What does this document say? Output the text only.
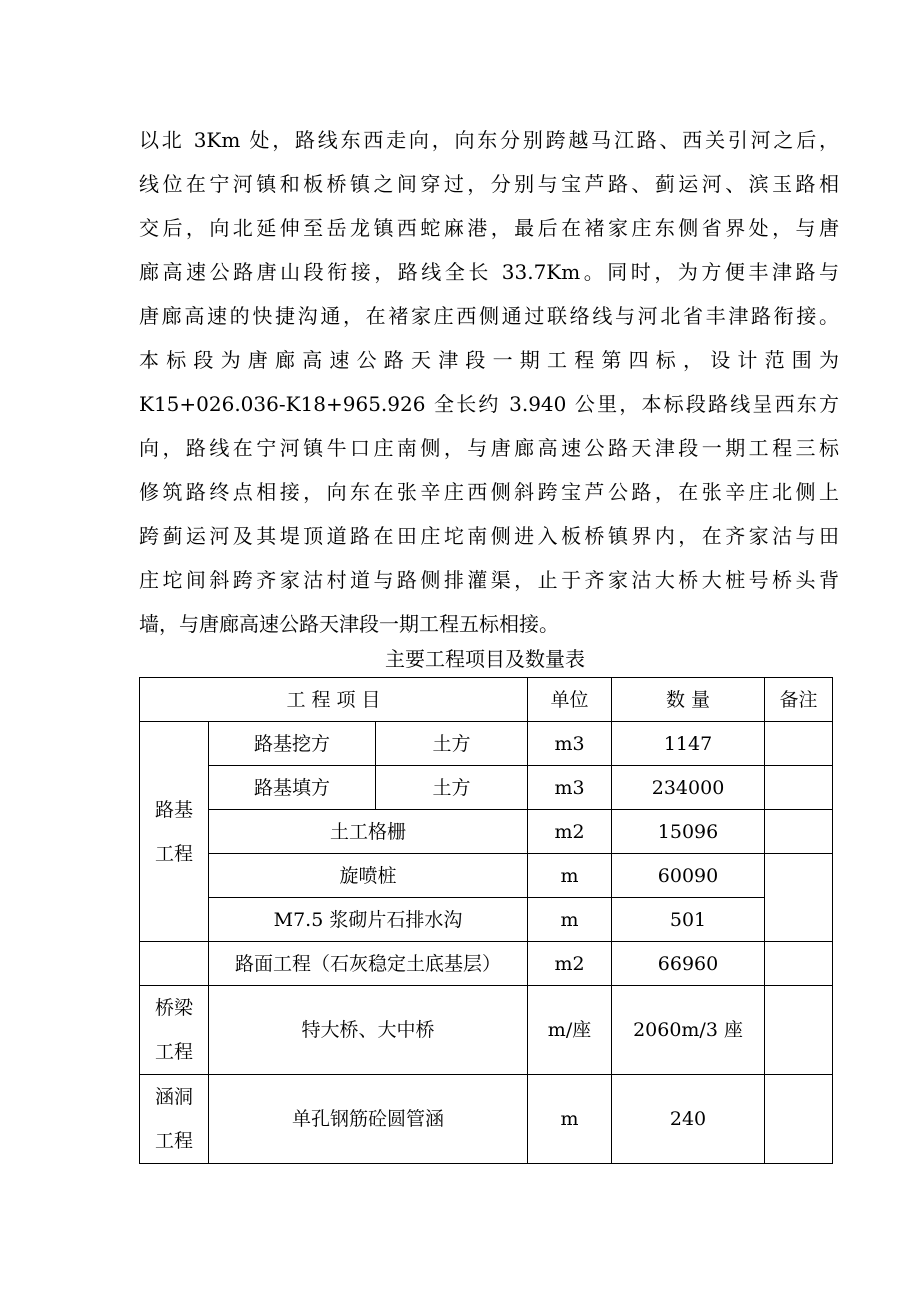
以北 3Km 处，路线东西走向，向东分别跨越马江路、西关引河之后，
线位在宁河镇和板桥镇之间穿过，分别与宝芦路、蓟运河、滨玉路相
交后，向北延伸至岳龙镇西蛇麻港，最后在褚家庄东侧省界处，与唐
廊高速公路唐山段衔接，路线全长 33.7Km。同时，为方便丰津路与
唐廊高速的快捷沟通，在褚家庄西侧通过联络线与河北省丰津路衔接。
本标段为唐廊高速公路天津段一期工程第四标，设计范围为
K15+026.036-K18+965.926 全长约 3.940 公里，本标段路线呈西东方
向，路线在宁河镇牛口庄南侧，与唐廊高速公路天津段一期工程三标
修筑路终点相接，向东在张辛庄西侧斜跨宝芦公路，在张辛庄北侧上
跨蓟运河及其堤顶道路在田庄坨南侧进入板桥镇界内，在齐家沽与田
庄坨间斜跨齐家沽村道与路侧排灌渠，止于齐家沽大桥大桩号桥头背
墙，与唐廊高速公路天津段一期工程五标相接。
主要工程项目及数量表
工 程 项 目			单位	数 量	备注

路基工程	路基挖方	土方	m3	1147	
	路基填方	土方	m3	234000	
	土工格栅		m2	15096	
	旋喷桩		m	60090	
	M7.5 浆砌片石排水沟		m	501	
	路面工程（石灰稳定土底基层）		m2	66960	

桥梁工程	特大桥、大中桥		m/座	2060m/3 座	

涵洞工程	单孔钢筋砼圆管涵		m	240	
